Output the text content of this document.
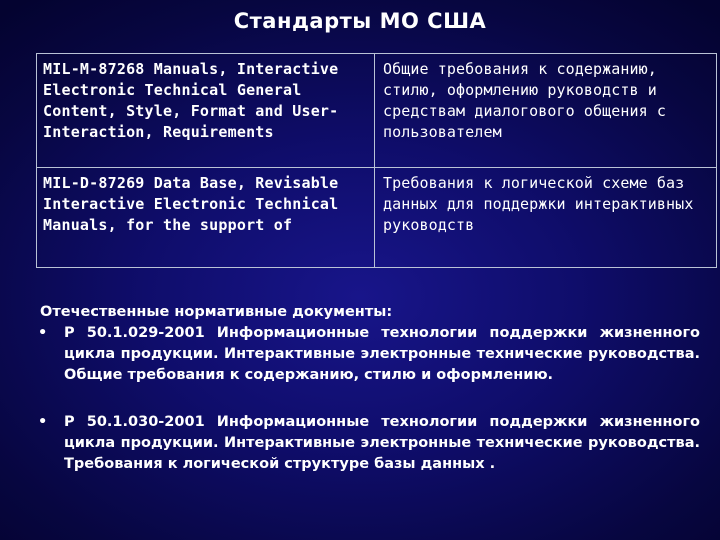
Стандарты МО США
MIL-M-87268 Manuals, Interactive Electronic Technical General Content, Style, Format and User-Interaction, Requirements	Общие требования к содержанию, стилю, оформлению руководств и средствам диалогового общения с пользователем
MIL-D-87269 Data Base, Revisable Interactive Electronic Technical Manuals, for the support of	Требования к логической схеме баз данных для поддержки интерактивных руководств

Отечественные нормативные документы:

• Р 50.1.029-2001 Информационные технологии поддержки жизненного цикла продукции. Интерактивные электронные технические руководства. Общие требования к содержанию, стилю и оформлению.

• Р 50.1.030-2001 Информационные технологии поддержки жизненного цикла продукции. Интерактивные электронные технические руководства. Требования к логической структуре базы данных .
